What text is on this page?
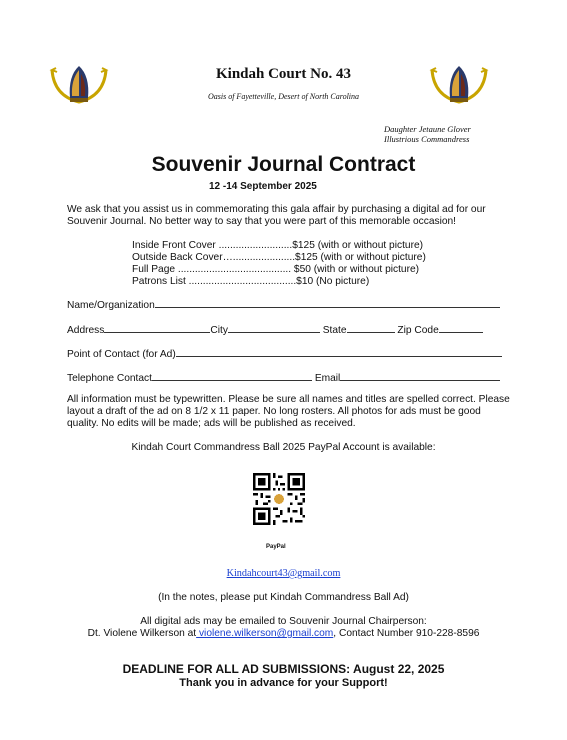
Kindah Court No. 43
Oasis of Fayetteville, Desert of North Carolina
Daughter Jetaune Glover
Illustrious Commandress
Souvenir Journal Contract
12 -14 September 2025
We ask that you assist us in commemorating this gala affair by purchasing a digital ad for our Souvenir Journal. No better way to say that you were part of this memorable occasion!
Inside Front Cover ..........................$125 (with or without picture)
Outside Back Cover…......................$125 (with or without picture)
Full Page ........................................ $50 (with or without picture)
Patrons List ......................................$10 (No picture)
Name/Organization
Address	City	State	Zip Code
Point of Contact (for Ad)
Telephone Contact	Email
All information must be typewritten. Please be sure all names and titles are spelled correct. Please layout a draft of the ad on 8 1/2 x 11 paper. No long rosters. All photos for ads must be good quality. No edits will be made; ads will be published as received.
Kindah Court Commandress Ball 2025 PayPal Account is available:
PayPal
Kindahcourt43@gmail.com
(In the notes, please put Kindah Commandress Ball Ad)
All digital ads may be emailed to Souvenir Journal Chairperson:
Dt. Violene Wilkerson at violene.wilkerson@gmail.com, Contact Number 910-228-8596
DEADLINE FOR ALL AD SUBMISSIONS: August 22, 2025
Thank you in advance for your Support!
